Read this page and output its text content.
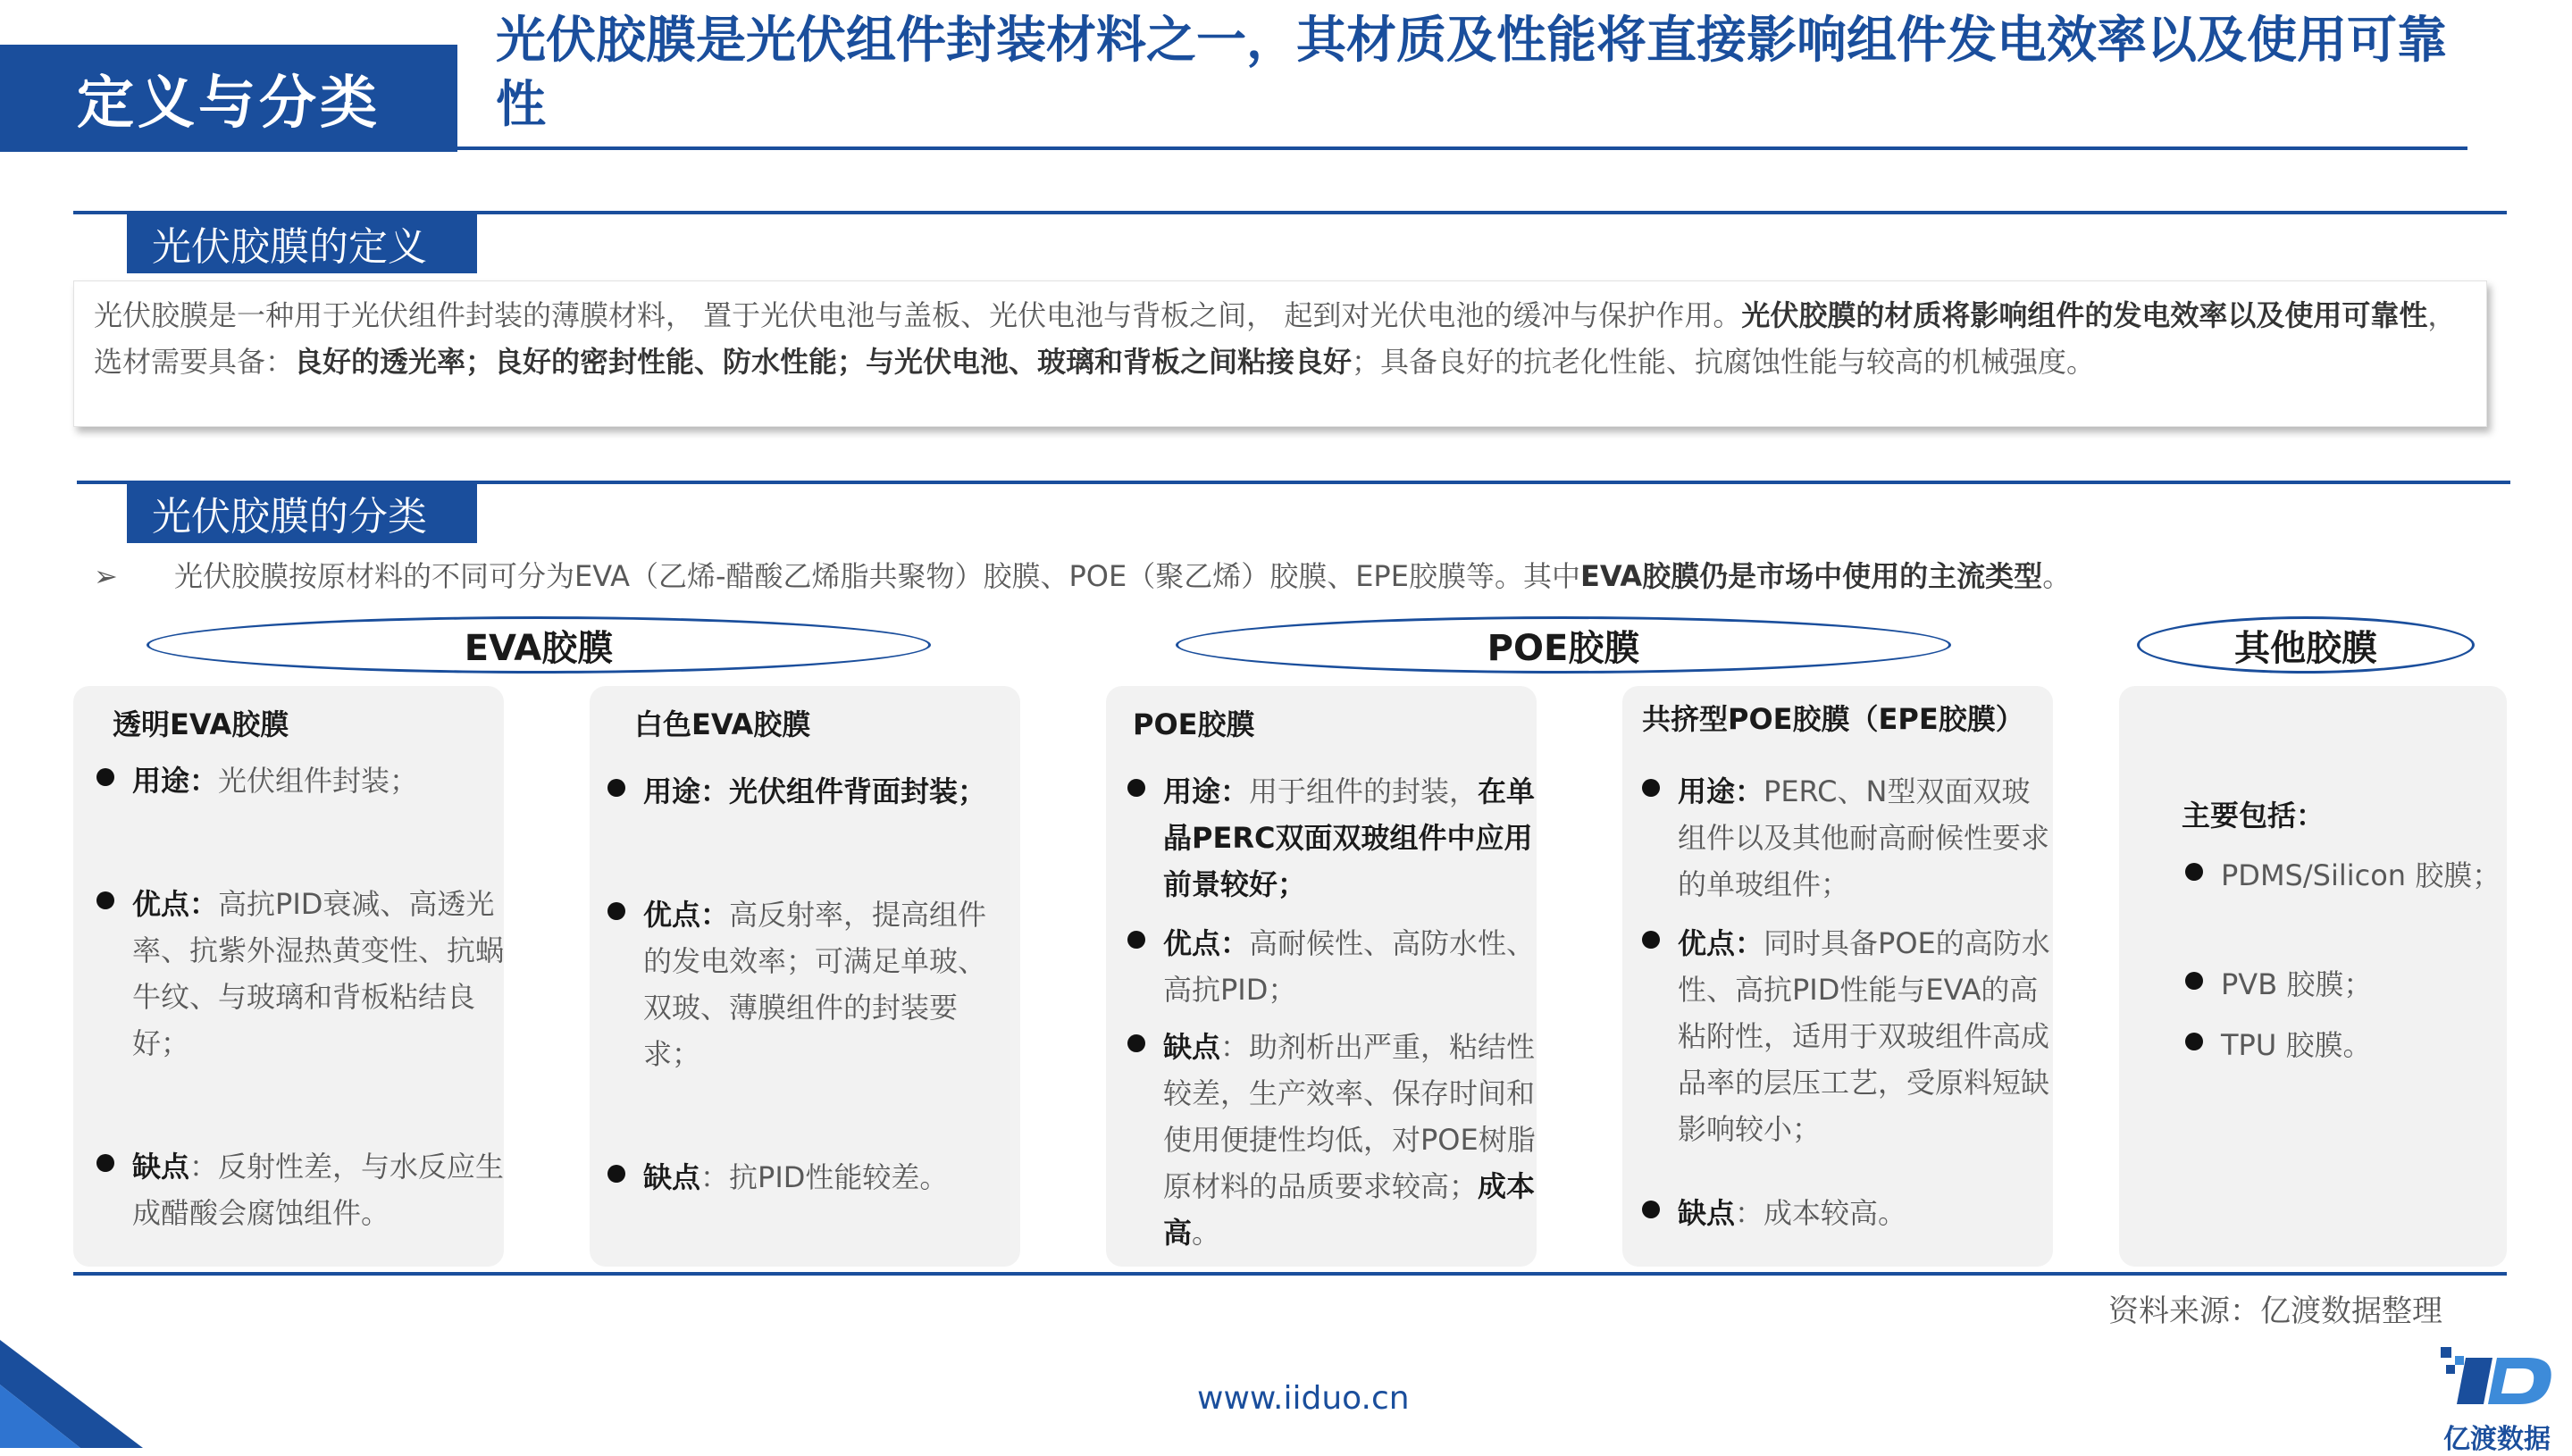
定义与分类
光伏胶膜是光伏组件封装材料之一，其材质及性能将直接影响组件发电效率以及使用可靠性
光伏胶膜的定义
光伏胶膜是一种用于光伏组件封装的薄膜材料， 置于光伏电池与盖板、光伏电池与背板之间， 起到对光伏电池的缓冲与保护作用。光伏胶膜的材质将影响组件的发电效率以及使用可靠性，选材需要具备：良好的透光率；良好的密封性能、防水性能；与光伏电池、玻璃和背板之间粘接良好；具备良好的抗老化性能、抗腐蚀性能与较高的机械强度。
光伏胶膜的分类
➢ 光伏胶膜按原材料的不同可分为EVA（乙烯-醋酸乙烯脂共聚物）胶膜、POE（聚乙烯）胶膜、EPE胶膜等。其中EVA胶膜仍是市场中使用的主流类型。
EVA胶膜	POE胶膜	其他胶膜
透明EVA胶膜
用途：光伏组件封装；
优点：高抗PID衰减、高透光率、抗紫外湿热黄变性、抗蜗牛纹、与玻璃和背板粘结良好；
缺点：反射性差，与水反应生成醋酸会腐蚀组件。
白色EVA胶膜
用途：光伏组件背面封装；
优点：高反射率，提高组件的发电效率；可满足单玻、双玻、薄膜组件的封装要求；
缺点：抗PID性能较差。
POE胶膜
用途：用于组件的封装，在单晶PERC双面双玻组件中应用前景较好；
优点：高耐候性、高防水性、高抗PID；
缺点：助剂析出严重，粘结性较差，生产效率、保存时间和使用便捷性均低，对POE树脂原材料的品质要求较高；成本高。
共挤型POE胶膜（EPE胶膜）
用途：PERC、N型双面双玻组件以及其他耐高耐候性要求的单玻组件；
优点：同时具备POE的高防水性、高抗PID性能与EVA的高粘附性，适用于双玻组件高成品率的层压工艺，受原料短缺影响较小；
缺点：成本较高。
主要包括：
PDMS/Silicon 胶膜；
PVB 胶膜；
TPU 胶膜。
资料来源：亿渡数据整理
www.iiduo.cn
亿渡数据
